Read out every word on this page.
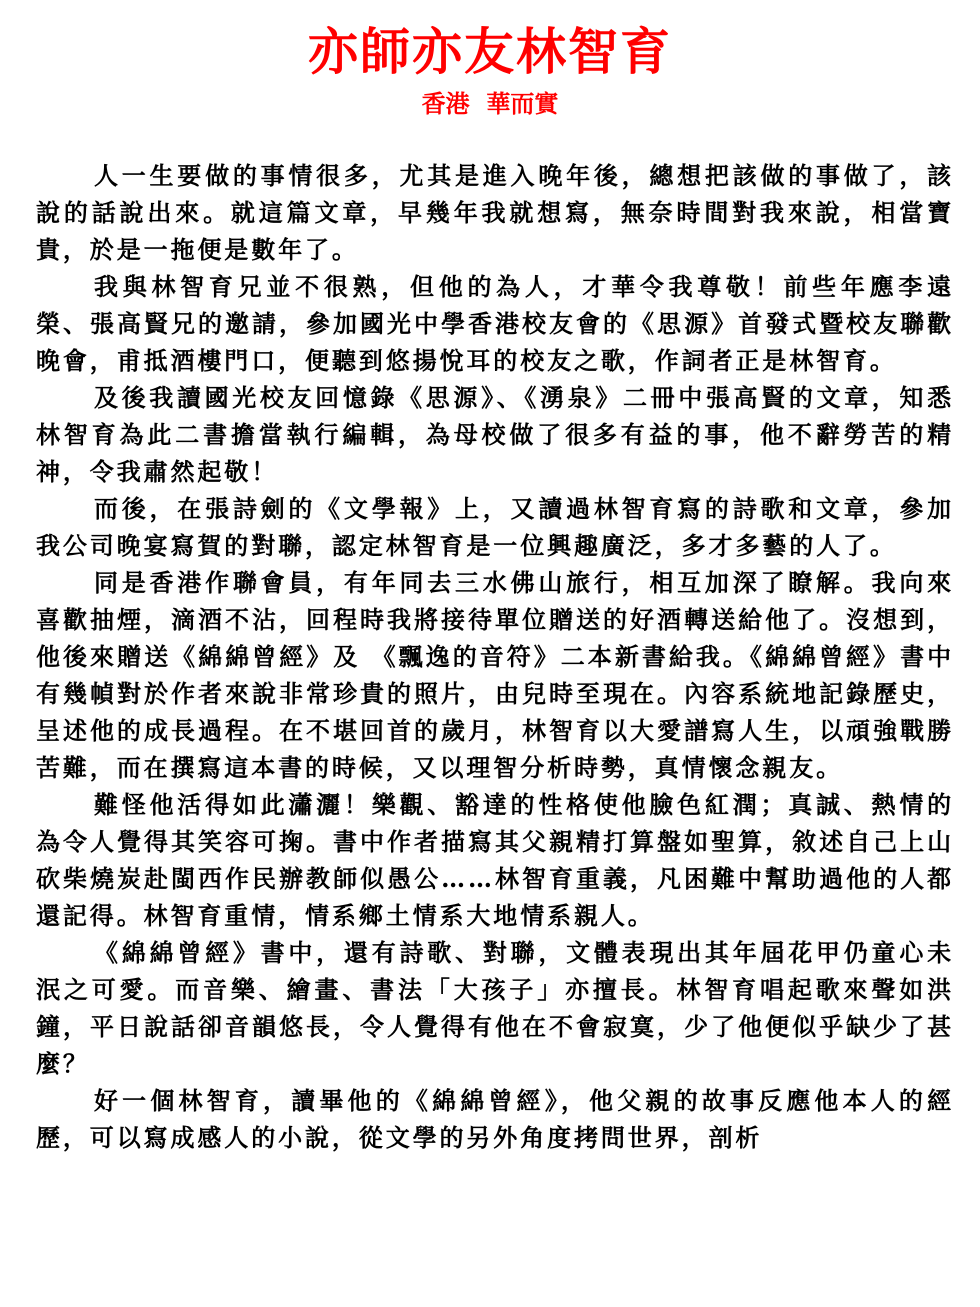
亦師亦友林智育
香港  華而實

人一生要做的事情很多，尤其是進入晚年後，總想把該做的事做了，該說的話說出來。就這篇文章，早幾年我就想寫，無奈時間對我來說，相當寶貴，於是一拖便是數年了。

我與林智育兄並不很熟，但他的為人，才華令我尊敬！前些年應李遠榮、張高賢兄的邀請，參加國光中學香港校友會的《思源》首發式暨校友聯歡晚會，甫抵酒樓門口，便聽到悠揚悅耳的校友之歌，作詞者正是林智育。

及後我讀國光校友回憶錄《思源》、《湧泉》二冊中張高賢的文章，知悉林智育為此二書擔當執行編輯，為母校做了很多有益的事，他不辭勞苦的精神，令我肅然起敬！

而後，在張詩劍的《文學報》上，又讀過林智育寫的詩歌和文章，參加我公司晚宴寫賀的對聯，認定林智育是一位興趣廣泛，多才多藝的人了。

同是香港作聯會員，有年同去三水佛山旅行，相互加深了瞭解。我向來喜歡抽煙，滴酒不沾，回程時我將接待單位贈送的好酒轉送給他了。沒想到，他後來贈送《綿綿曾經》及 《飄逸的音符》二本新書給我。《綿綿曾經》書中有幾幀對於作者來說非常珍貴的照片，由兒時至現在。內容系統地記錄歷史，呈述他的成長過程。在不堪回首的歲月，林智育以大愛譜寫人生，以頑強戰勝苦難，而在撰寫這本書的時候，又以理智分析時勢，真情懷念親友。

難怪他活得如此瀟灑！樂觀、豁達的性格使他臉色紅潤；真誠、熱情的為令人覺得其笑容可掬。書中作者描寫其父親精打算盤如聖算，敘述自己上山砍柴燒炭赴閩西作民辦教師似愚公……林智育重義，凡困難中幫助過他的人都還記得。林智育重情，情系鄉土情系大地情系親人。

《綿綿曾經》書中，還有詩歌、對聯，文體表現出其年屆花甲仍童心未泯之可愛。而音樂、繪畫、書法「大孩子」亦擅長。林智育唱起歌來聲如洪鐘，平日說話卻音韻悠長，令人覺得有他在不會寂寞，少了他便似乎缺少了甚麼？

好一個林智育，讀畢他的《綿綿曾經》，他父親的故事反應他本人的經歷，可以寫成感人的小說，從文學的另外角度拷問世界，剖析
